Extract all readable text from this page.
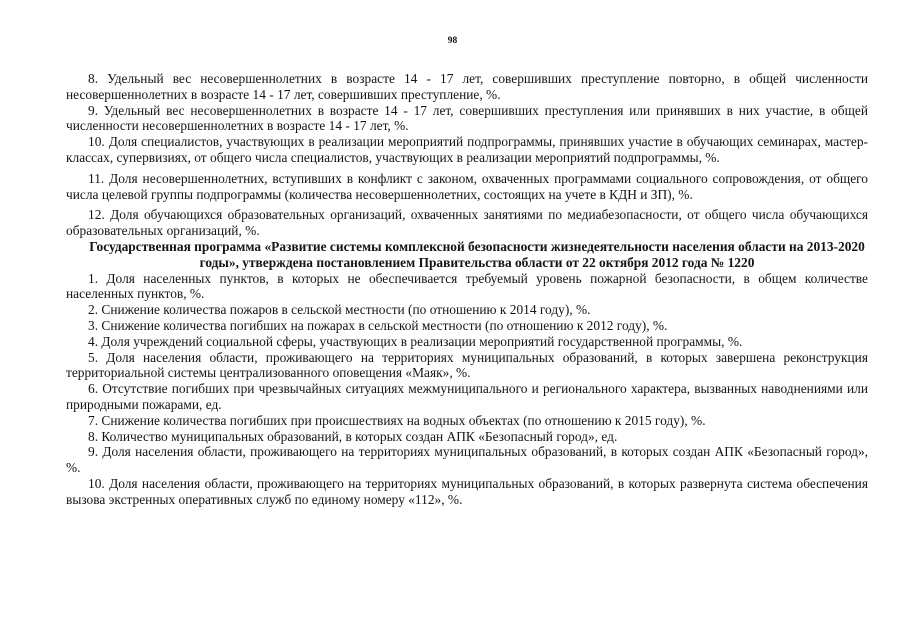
98

8. Удельный вес несовершеннолетних в возрасте 14 - 17 лет, совершивших преступление повторно, в общей численности несовершеннолетних в возрасте 14 - 17 лет, совершивших преступление, %.

9. Удельный вес несовершеннолетних в возрасте 14 - 17 лет, совершивших преступления или принявших в них участие, в общей численности несовершеннолетних в возрасте 14 - 17 лет, %.

10. Доля специалистов, участвующих в реализации мероприятий подпрограммы, принявших участие в обучающих семинарах, мастер-классах, супервизиях, от общего числа специалистов, участвующих в реализации мероприятий подпрограммы, %.

11. Доля несовершеннолетних, вступивших в конфликт с законом, охваченных программами социального сопровождения, от общего числа целевой группы подпрограммы (количества несовершеннолетних, состоящих на учете в КДН и ЗП), %.

12. Доля обучающихся образовательных организаций, охваченных занятиями по медиабезопасности, от общего числа обучающихся образовательных организаций, %.

Государственная программа «Развитие системы комплексной безопасности жизнедеятельности населения области на 2013-2020 годы», утверждена постановлением Правительства области от 22 октября 2012 года № 1220

1. Доля населенных пунктов, в которых не обеспечивается требуемый уровень пожарной безопасности, в общем количестве населенных пунктов, %.

2. Снижение количества пожаров в сельской местности (по отношению к 2014 году), %.

3. Снижение количества погибших на пожарах в сельской местности (по отношению к 2012 году), %.

4. Доля учреждений социальной сферы, участвующих в реализации мероприятий государственной программы, %.

5. Доля населения области, проживающего на территориях муниципальных образований, в которых завершена реконструкция территориальной системы централизованного оповещения «Маяк», %.

6. Отсутствие погибших при чрезвычайных ситуациях межмуниципального и регионального характера, вызванных наводнениями или природными пожарами, ед.

7. Снижение количества погибших при происшествиях на водных объектах (по отношению к 2015 году), %.

8. Количество муниципальных образований, в которых создан АПК «Безопасный город», ед.

9. Доля населения области, проживающего на территориях муниципальных образований, в которых создан АПК «Безопасный город», %.

10. Доля населения области, проживающего на территориях муниципальных образований, в которых развернута система обеспечения вызова экстренных оперативных служб по единому номеру «112», %.
